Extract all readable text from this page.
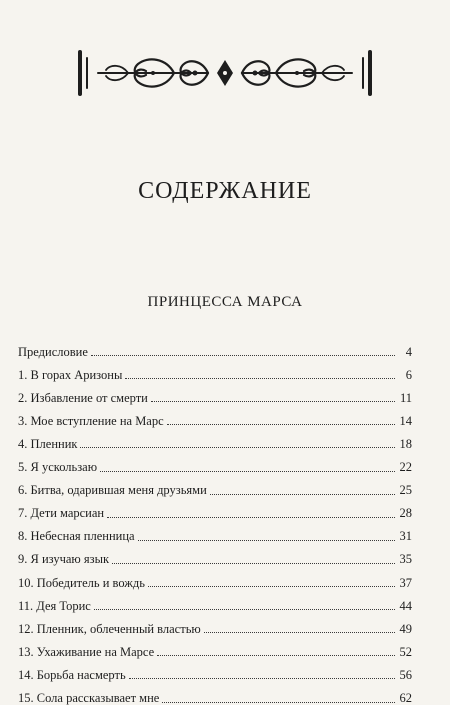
СОДЕРЖАНИЕ
ПРИНЦЕССА МАРСА
Предисловие	4
1. В горах Аризоны	6
2. Избавление от смерти	11
3. Мое вступление на Марс	14
4. Пленник	18
5. Я ускользаю	22
6. Битва, одарившая меня друзьями	25
7. Дети марсиан	28
8. Небесная пленница	31
9. Я изучаю язык	35
10. Победитель и вождь	37
11. Дея Торис	44
12. Пленник, облеченный властью	49
13. Ухаживание на Марсе	52
14. Борьба насмерть	56
15. Сола рассказывает мне	62
